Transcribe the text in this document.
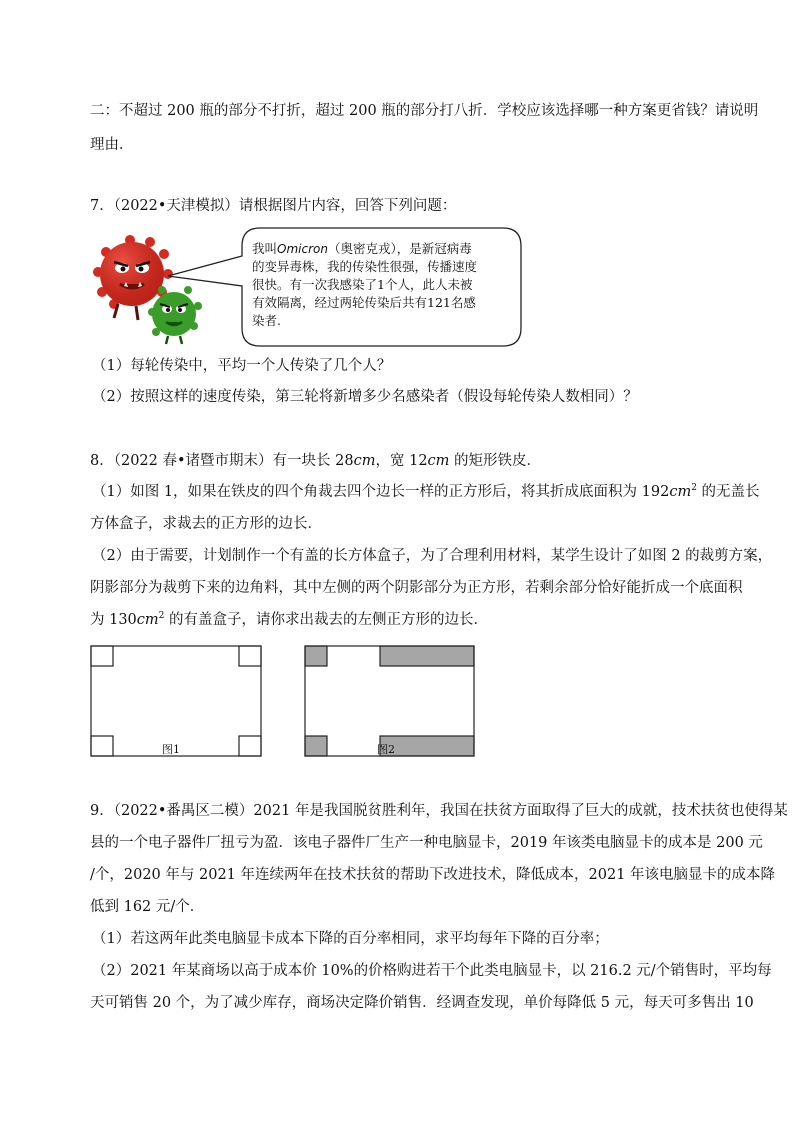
二：不超过 200 瓶的部分不打折，超过 200 瓶的部分打八折．学校应该选择哪一种方案更省钱？请说明
理由．
7．（2022•天津模拟）请根据图片内容，回答下列问题：
我叫Omicron（奥密克戎），是新冠病毒
的变异毒株，我的传染性很强，传播速度
很快。有一次我感染了1个人，此人未被
有效隔离，经过两轮传染后共有121名感
染者.
（1）每轮传染中，平均一个人传染了几个人？
（2）按照这样的速度传染，第三轮将新增多少名感染者（假设每轮传染人数相同）？
8．（2022 春•诸暨市期末）有一块长 28cm，宽 12cm 的矩形铁皮．
（1）如图 1，如果在铁皮的四个角裁去四个边长一样的正方形后，将其折成底面积为 $192cm^2$ 的无盖长
方体盒子，求裁去的正方形的边长．
（2）由于需要，计划制作一个有盖的长方体盒子，为了合理利用材料，某学生设计了如图 2 的裁剪方案，
阴影部分为裁剪下来的边角料，其中左侧的两个阴影部分为正方形，若剩余部分恰好能折成一个底面积
为 $130cm^2$ 的有盖盒子，请你求出裁去的左侧正方形的边长．
图1	图2
9．（2022•番禺区二模）2021 年是我国脱贫胜利年，我国在扶贫方面取得了巨大的成就，技术扶贫也使得某
县的一个电子器件厂扭亏为盈．该电子器件厂生产一种电脑显卡，2019 年该类电脑显卡的成本是 200 元
/个，2020 年与 2021 年连续两年在技术扶贫的帮助下改进技术，降低成本，2021 年该电脑显卡的成本降
低到 162 元/个．
（1）若这两年此类电脑显卡成本下降的百分率相同，求平均每年下降的百分率；
（2）2021 年某商场以高于成本价 10%的价格购进若干个此类电脑显卡，以 216.2 元/个销售时，平均每
天可销售 20 个，为了减少库存，商场决定降价销售．经调查发现，单价每降低 5 元，每天可多售出 10
